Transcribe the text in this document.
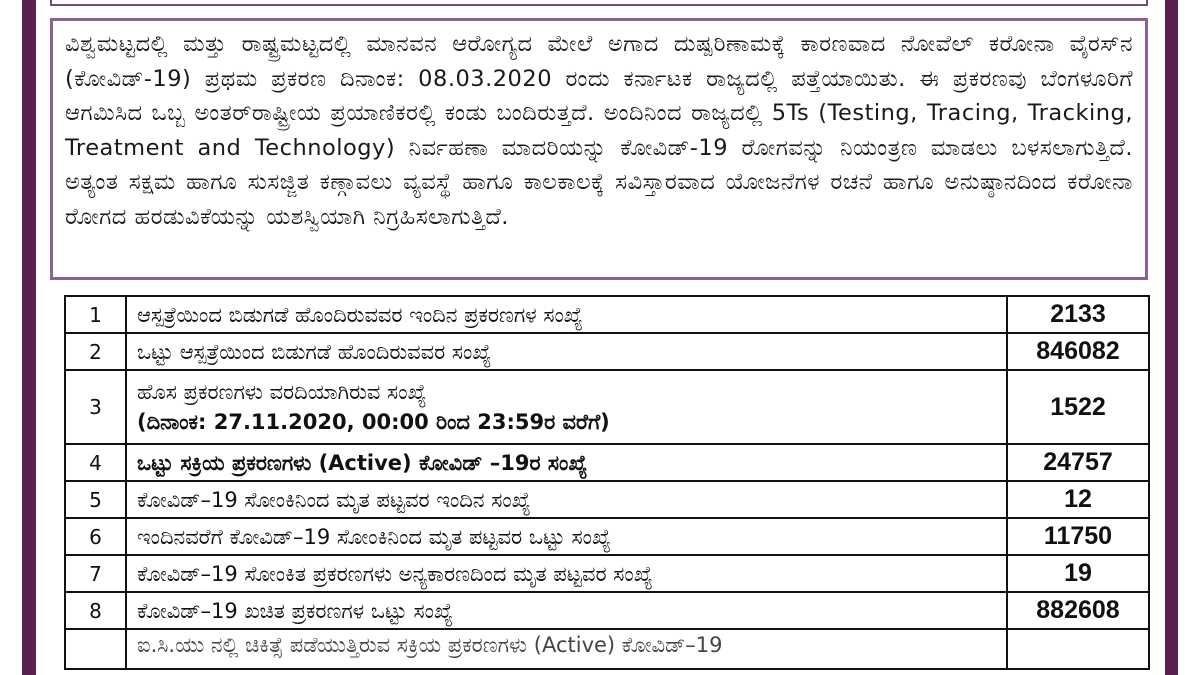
ವಿಶ್ವಮಟ್ಟದಲ್ಲಿ ಮತ್ತು ರಾಷ್ಟ್ರಮಟ್ಟದಲ್ಲಿ ಮಾನವನ ಆರೋಗ್ಯದ ಮೇಲೆ ಅಗಾದ ದುಷ್ಪರಿಣಾಮಕ್ಕೆ ಕಾರಣವಾದ ನೋವೆಲ್ ಕರೋನಾ ವೈರಸ್‌ನ (ಕೋವಿಡ್-19) ಪ್ರಥಮ ಪ್ರಕರಣ ದಿನಾಂಕ: 08.03.2020 ರಂದು ಕರ್ನಾಟಕ ರಾಜ್ಯದಲ್ಲಿ ಪತ್ತೆಯಾಯಿತು. ಈ ಪ್ರಕರಣವು ಬೆಂಗಳೂರಿಗೆ ಆಗಮಿಸಿದ ಒಬ್ಬ ಅಂತರ್‌ರಾಷ್ಟ್ರೀಯ ಪ್ರಯಾಣಿಕರಲ್ಲಿ ಕಂಡು ಬಂದಿರುತ್ತದೆ. ಅಂದಿನಿಂದ ರಾಜ್ಯದಲ್ಲಿ 5Ts (Testing, Tracing, Tracking, Treatment and Technology) ನಿರ್ವಹಣಾ ಮಾದರಿಯನ್ನು ಕೋವಿಡ್-19 ರೋಗವನ್ನು ನಿಯಂತ್ರಣ ಮಾಡಲು ಬಳಸಲಾಗುತ್ತಿದೆ. ಅತ್ಯಂತ ಸಕ್ಷಮ ಹಾಗೂ ಸುಸಜ್ಜಿತ ಕಣ್ಗಾವಲು ವ್ಯವಸ್ಥೆ ಹಾಗೂ ಕಾಲಕಾಲಕ್ಕೆ ಸವಿಸ್ತಾರವಾದ ಯೋಜನೆಗಳ ರಚನೆ ಹಾಗೂ ಅನುಷ್ಠಾನದಿಂದ ಕರೋನಾ ರೋಗದ ಹರಡುವಿಕೆಯನ್ನು ಯಶಸ್ವಿಯಾಗಿ ನಿಗ್ರಹಿಸಲಾಗುತ್ತಿದೆ.

1	ಆಸ್ಪತ್ರೆಯಿಂದ ಬಿಡುಗಡೆ ಹೊಂದಿರುವವರ ಇಂದಿನ ಪ್ರಕರಣಗಳ ಸಂಖ್ಯೆ	2133
2	ಒಟ್ಟು ಆಸ್ಪತ್ರೆಯಿಂದ ಬಿಡುಗಡೆ ಹೊಂದಿರುವವರ ಸಂಖ್ಯೆ	846082
3	ಹೊಸ ಪ್ರಕರಣಗಳು ವರದಿಯಾಗಿರುವ ಸಂಖ್ಯೆ
(ದಿನಾಂಕ: 27.11.2020, 00:00 ರಿಂದ 23:59ರ ವರೆಗೆ)	1522
4	ಒಟ್ಟು ಸಕ್ರಿಯ ಪ್ರಕರಣಗಳು (Active) ಕೋವಿಡ್ –19ರ ಸಂಖ್ಯೆ	24757
5	ಕೋವಿಡ್–19 ಸೋಂಕಿನಿಂದ ಮೃತ ಪಟ್ಟವರ ಇಂದಿನ ಸಂಖ್ಯೆ	12
6	ಇಂದಿನವರೆಗೆ ಕೋವಿಡ್–19 ಸೋಂಕಿನಿಂದ ಮೃತ ಪಟ್ಟವರ ಒಟ್ಟು ಸಂಖ್ಯೆ	11750
7	ಕೋವಿಡ್–19 ಸೋಂಕಿತ ಪ್ರಕರಣಗಳು ಅನ್ಯಕಾರಣದಿಂದ ಮೃತ ಪಟ್ಟವರ ಸಂಖ್ಯೆ	19
8	ಕೋವಿಡ್–19 ಖಚಿತ ಪ್ರಕರಣಗಳ ಒಟ್ಟು ಸಂಖ್ಯೆ	882608
	ಐ.ಸಿ.ಯು ನಲ್ಲಿ ಚಿಕಿತ್ಸೆ ಪಡೆಯುತ್ತಿರುವ ಸಕ್ರಿಯ ಪ್ರಕರಣಗಳು (Active) ಕೋವಿಡ್–19	
